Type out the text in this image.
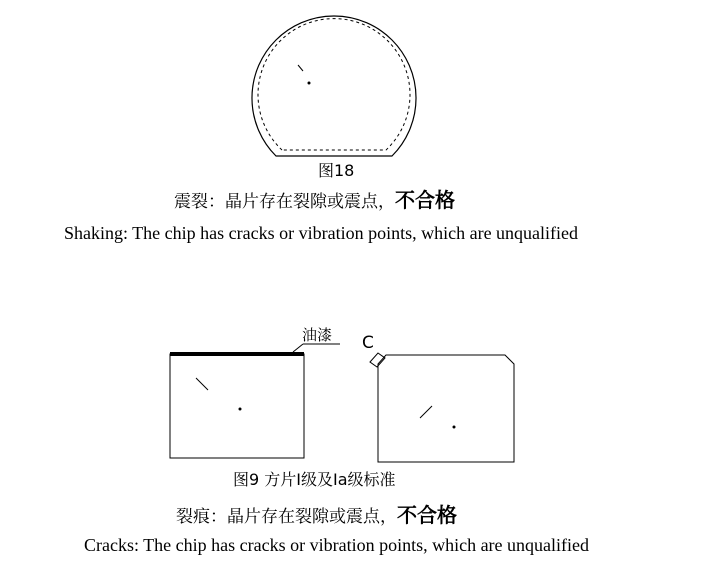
图18
震裂：晶片存在裂隙或震点，不合格
Shaking: The chip has cracks or vibration points, which are unqualified
油漆 C
图9 方片Ⅰ级及Ⅰa级标准
裂痕：晶片存在裂隙或震点，不合格
Cracks: The chip has cracks or vibration points, which are unqualified
